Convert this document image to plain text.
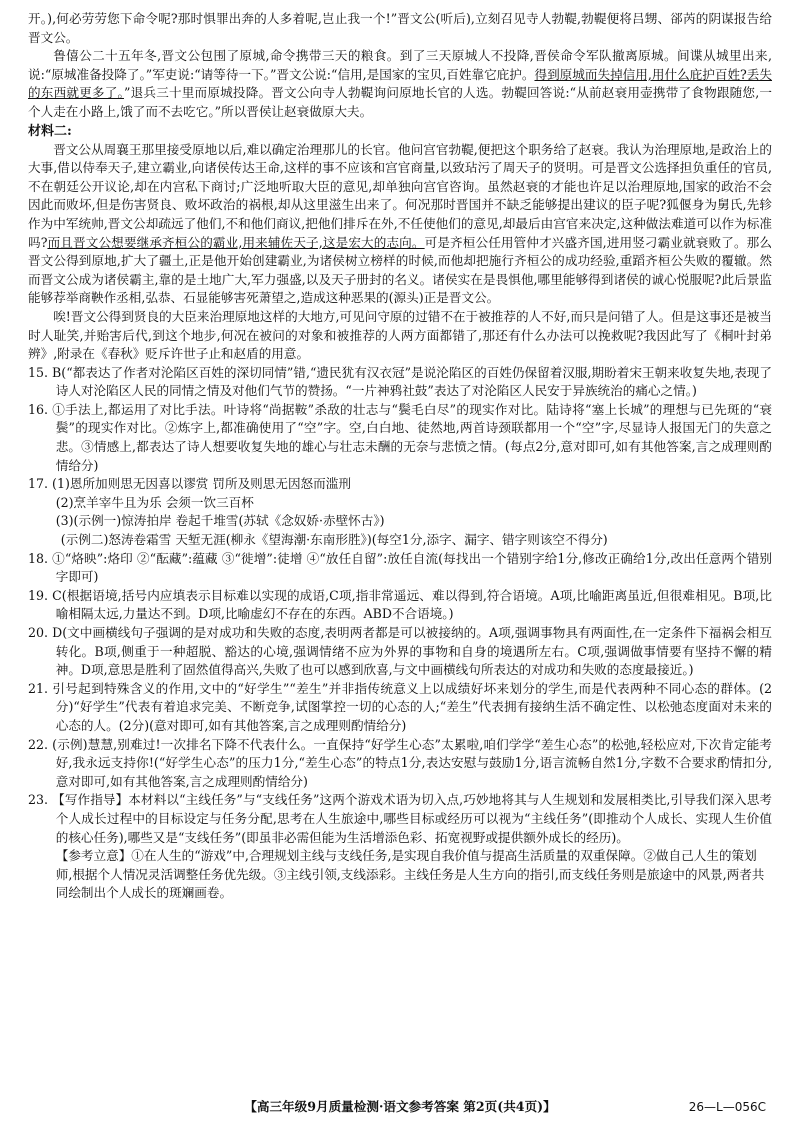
开。),何必劳劳您下命令呢?那时惧罪出奔的人多着呢,岂止我一个!”晋文公(听后),立刻召见寺人勃鞮,勃鞮便将吕甥、郤芮的阴谋报告给晋文公。

鲁僖公二十五年冬,晋文公包围了原城,命令携带三天的粮食。到了三天原城人不投降,晋侯命令军队撤离原城。间谍从城里出来,说:“原城准备投降了。”军吏说:“请等待一下。”晋文公说:“信用,是国家的宝贝,百姓靠它庇护。得到原城而失掉信用,用什么庇护百姓?丢失的东西就更多了。”退兵三十里而原城投降。晋文公向寺人勃鞮询问原地长官的人选。勃鞮回答说:“从前赵衰用壶携带了食物跟随您,一个人走在小路上,饿了而不去吃它。”所以晋侯让赵衰做原大夫。

材料二:

晋文公从周襄王那里接受原地以后,难以确定治理那儿的长官。他问宫官勃鞮,便把这个职务给了赵衰。我认为治理原地,是政治上的大事,借以侍奉天子,建立霸业,向诸侯传达王命,这样的事不应该和宫官商量,以致玷污了周天子的贤明。可是晋文公选择担负重任的官员,不在朝廷公开议论,却在内宫私下商讨;广泛地听取大臣的意见,却单独向宫官咨询。虽然赵衰的才能也许足以治理原地,国家的政治不会因此而败坏,但是伤害贤良、败坏政治的祸根,却从这里滋生出来了。何况那时晋国并不缺乏能够提出建议的臣子呢?狐偃身为舅氏,先轸作为中军统帅,晋文公却疏远了他们,不和他们商议,把他们排斥在外,不任使他们的意见,却最后由宫官来决定,这种做法难道可以作为标准吗?而且晋文公想要继承齐桓公的霸业,用来辅佐天子,这是宏大的志向。可是齐桓公任用管仲才兴盛齐国,进用竖刁霸业就衰败了。那么晋文公得到原地,扩大了疆土,正是他开始创建霸业,为诸侯树立榜样的时候,而他却把施行齐桓公的成功经验,重蹈齐桓公失败的覆辙。然而晋文公成为诸侯霸主,靠的是土地广大,军力强盛,以及天子册封的名义。诸侯实在是畏惧他,哪里能够得到诸侯的诚心悦服呢?此后景监能够荐举商鞅作丞相,弘恭、石显能够害死萧望之,造成这种恶果的(源头)正是晋文公。

唉!晋文公得到贤良的大臣来治理原地这样的大地方,可见问守原的过错不在于被推荐的人不好,而只是问错了人。但是这事还是被当时人耻笑,并贻害后代,到这个地步,何况在被问的对象和被推荐的人两方面都错了,那还有什么办法可以挽救呢?我因此写了《桐叶封弟辨》,附录在《春秋》贬斥许世子止和赵盾的用意。

15. B(“都表达了作者对沦陷区百姓的深切同情”错,“遗民犹有汉衣冠”是说沦陷区的百姓仍保留着汉服,期盼着宋王朝来收复失地,表现了诗人对沦陷区人民的同情之情及对他们气节的赞扬。“一片神鸦社鼓”表达了对沦陷区人民安于异族统治的痛心之情。)

16. ①手法上,都运用了对比手法。叶诗将“尚据鞍”杀敌的壮志与“鬓毛白尽”的现实作对比。陆诗将“塞上长城”的理想与已先斑的“衰鬓”的现实作对比。②炼字上,都准确使用了“空”字。空,白白地、徒然地,两首诗颈联都用一个“空”字,尽显诗人报国无门的失意之悲。③情感上,都表达了诗人想要收复失地的雄心与壮志未酬的无奈与悲愤之情。(每点2分,意对即可,如有其他答案,言之成理则酌情给分)

17. (1)恩所加则思无因喜以谬赏 罚所及则思无因怒而滥刑

(2)烹羊宰牛且为乐 会须一饮三百杯

(3)(示例一)惊涛拍岸 卷起千堆雪(苏轼《念奴娇·赤壁怀古》)

(示例二)怒涛卷霜雪 天堑无涯(柳永《望海潮·东南形胜》)(每空1分,添字、漏字、错字则该空不得分)

18. ①“烙映”:烙印 ②“酝藏”:蕴藏 ③“徙增”:徒增 ④“放任自留”:放任自流(每找出一个错别字给1分,修改正确给1分,改出任意两个错别字即可)

19. C(根据语境,括号内应填表示目标难以实现的成语,C项,指非常遥远、难以得到,符合语境。A项,比喻距离虽近,但很难相见。B项,比喻相隔太远,力量达不到。D项,比喻虚幻不存在的东西。ABD不合语境。)

20. D(文中画横线句子强调的是对成功和失败的态度,表明两者都是可以被接纳的。A项,强调事物具有两面性,在一定条件下福祸会相互转化。B项,侧重于一种超脱、豁达的心境,强调情绪不应为外界的事物和自身的境遇所左右。C项,强调做事情要有坚持不懈的精神。D项,意思是胜利了固然值得高兴,失败了也可以感到欣喜,与文中画横线句所表达的对成功和失败的态度最接近。)

21. 引号起到特殊含义的作用,文中的“好学生”“差生”并非指传统意义上以成绩好坏来划分的学生,而是代表两种不同心态的群体。(2分)“好学生”代表有着追求完美、不断竞争,试图掌控一切的心态的人;“差生”代表拥有接纳生活不确定性、以松弛态度面对未来的心态的人。(2分)(意对即可,如有其他答案,言之成理则酌情给分)

22. (示例)慧慧,别难过!一次排名下降不代表什么。一直保持“好学生心态”太累啦,咱们学学“差生心态”的松弛,轻松应对,下次肯定能考好,我永远支持你!(“好学生心态”的压力1分,“差生心态”的特点1分,表达安慰与鼓励1分,语言流畅自然1分,字数不合要求酌情扣分,意对即可,如有其他答案,言之成理则酌情给分)

23. 【写作指导】本材料以“主线任务”与“支线任务”这两个游戏术语为切入点,巧妙地将其与人生规划和发展相类比,引导我们深入思考个人成长过程中的目标设定与任务分配,思考在人生旅途中,哪些目标或经历可以视为“主线任务”(即推动个人成长、实现人生价值的核心任务),哪些又是“支线任务”(即虽非必需但能为生活增添色彩、拓宽视野或提供额外成长的经历)。

【参考立意】①在人生的“游戏”中,合理规划主线与支线任务,是实现自我价值与提高生活质量的双重保障。②做自己人生的策划师,根据个人情况灵活调整任务优先级。③主线引领,支线添彩。主线任务是人生方向的指引,而支线任务则是旅途中的风景,两者共同绘制出个人成长的斑斓画卷。

【高三年级9月质量检测·语文参考答案 第2页(共4页)】	26—L—056C
